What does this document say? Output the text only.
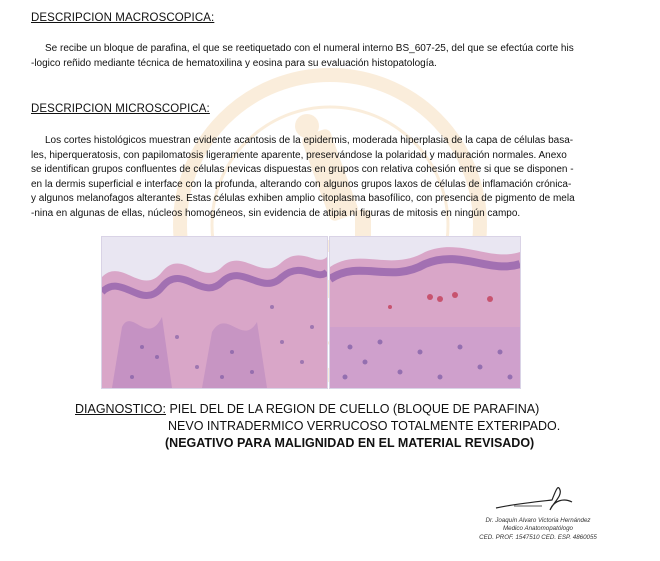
DESCRIPCION MACROSCOPICA:

Se recibe un bloque de parafina, el que se reetiquetado con el numeral interno BS_607-25, del que se efectúa corte his

-logico reñido mediante técnica de hematoxilina y eosina para su evaluación histopatología.

DESCRIPCION MICROSCOPICA:

Los cortes histológicos muestran evidente acantosis de la epidermis, moderada hiperplasia de la capa de células basa-

les, hiperqueratosis, con papilomatosis ligeramente aparente, preservándose la polaridad y maduración normales. Anexo

se identifican grupos confluentes de células nevicas dispuestas en grupos con relativa cohesión entre si que se disponen -

en la dermis superficial e interface con la profunda, alterando con algunos grupos laxos de células de inflamación crónica-

y algunos melanofagos alterantes. Estas células exhiben amplio citoplasma basofílico, con presencia de pigmento de mela

-nina en algunas de ellas, núcleos homogéneos, sin evidencia de atipia ni figuras de mitosis en ningún campo.

DIAGNOSTICO: PIEL DEL DE LA REGION DE CUELLO (BLOQUE DE PARAFINA)
NEVO INTRADERMICO VERRUCOSO TOTALMENTE EXTERIPADO.
(NEGATIVO PARA MALIGNIDAD EN EL MATERIAL REVISADO)
Dr. Joaquín Alvaro Victoria Hernández
Medico Anatomopatólogo
CED. PROF. 1547510 CED. ESP. 4860055
